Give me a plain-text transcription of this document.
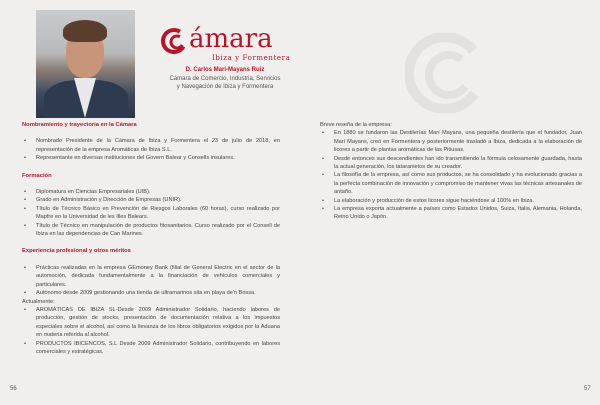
ámara
Ibiza y Formentera
D. Carlos Marí-Mayans Ruiz
Cámara de Comercio, Industria, Servicios
y Navegación de Ibiza y Formentera
Nombramiento y trayectoria en la Cámara
• Nombrado Presidente de la Cámara de Ibiza y Formentera el 23 de julio de 2018, en representación de la empresa Aromáticas de Ibiza S.L.
• Representante en diversas instituciones del Govern Balear y Consells insulares.
Formación
• Diplomatura en Ciencias Empresariales (UIB).
• Grado en Administración y Dirección de Empresas (UNIR).
• Título de Técnico Básico en Prevención de Riesgos Laborales (60 horas), curso realizado por Mapfre en la Universidad de les Illes Balears.
• Título de Técnico en manipulación de productos fitosanitarios. Curso realizado por el Consell de Ibiza en las dependencias de Can Marines.
Experiencia profesional y otros méritos
• Prácticas realizadas en la empresa GEmoney Bank (filial de General Electric en el sector de la automoción, dedicada fundamentalmente a la financiación de vehículos comerciales y particulares.
• Autónomo desde 2009 gestionando una tienda de ultramarinos sita en playa de'n Bossa.
Actualmente:
• AROMÁTICAS DE IBIZA SL-Desde 2009 Administrador Solidario, haciendo labores de producción, gestión de stocks, presentación de documentación relativa a los impuestos especiales sobre el alcohol, así como la llevanza de los libros obligatorios exigidos por la Aduana en materia referida al alcohol.
• PRODUCTOS IBICENCOS, S.L Desde 2009 Administrador Solidario, contribuyendo en labores comerciales y estratégicas.
56
Breve reseña de la empresa:
• En 1880 se fundaron las Destilerías Marí Mayans, una pequeña destilería que el fundador, Juan Marí Mayans, creó en Formentera y posteriormente trasladó a Ibiza, dedicada a la elaboración de licores a partir de plantas aromáticas de las Pitiusas.
• Desde entonces sus descendientes han ido transmitiendo la fórmula celosamente guardada, hasta la actual generación, los tataranietos de su creador.
• La filosofía de la empresa, así como sus productos, se ha consolidado y ha evolucionado gracias a la perfecta combinación de innovación y compromiso de mantener vivas las técnicas artesanales de antaño.
• La elaboración y producción de estos licores sigue haciéndose al 100% en Ibiza.
• La empresa exporta actualmente a países como Estados Unidos, Suiza, Italia, Alemania, Holanda, Reino Unido o Japón.
57
